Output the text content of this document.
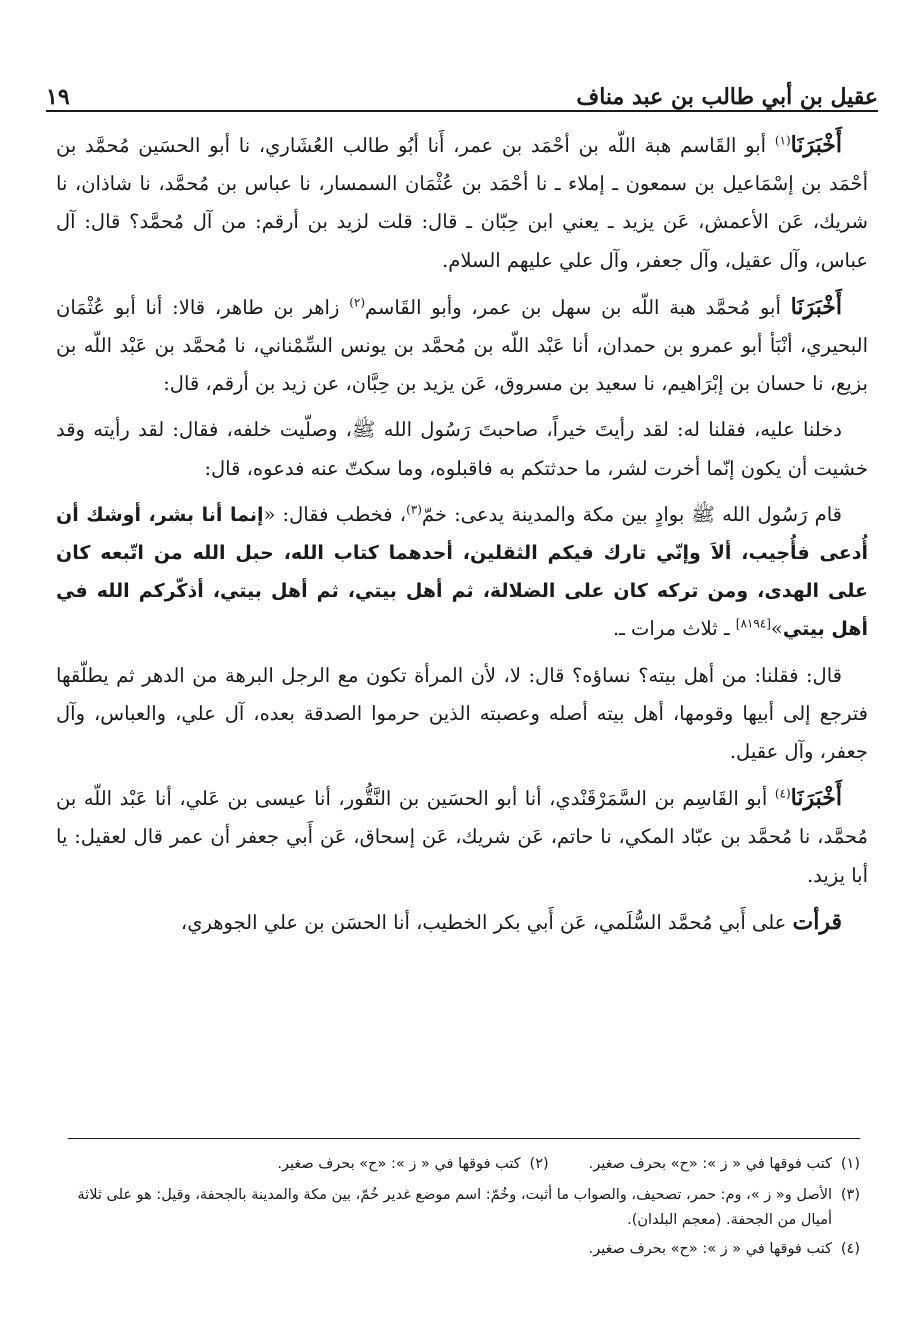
عقيل بن أبي طالب بن عبد مناف
١٩

أَخْبَرَنَا$^{(١)}$ أبو القَاسم هبة اللّه بن أحْمَد بن عمر، أَنا أبُو طالب العُشَاري، نا أبو الحسَين مُحمَّد بن أحْمَد بن إسْمَاعيل بن سمعون ـ إملاء ـ نا أحْمَد بن عُثْمَان السمسار، نا عباس بن مُحمَّد، نا شاذان، نا شريك، عَن الأعمش، عَن يزيد ـ يعني ابن حِبّان ـ قال: قلت لزيد بن أرقم: من آل مُحمَّد؟ قال: آل عباس، وآل عقيل، وآل جعفر، وآل علي عليهم السلام.

أَخْبَرَنَا أبو مُحمَّد هبة اللّه بن سهل بن عمر، وأبو القَاسم$^{(٢)}$ زاهر بن طاهر، قالا: أنا أبو عُثْمَان البحيري، أنْبَأ أبو عمرو بن حمدان، أنا عَبْد اللّه بن مُحمَّد بن يونس السِّمْناني، نا مُحمَّد بن عَبْد اللّه بن بزيع، نا حسان بن إبْرَاهيم، نا سعيد بن مسروق، عَن يزيد بن حِبَّان، عن زيد بن أرقم، قال:

دخلنا عليه، فقلنا له: لقد رأيتَ خيراً، صاحبتَ رَسُول الله ﷺ، وصلّيت خلفه، فقال: لقد رأيته وقد خشيت أن يكون إنّما أخرت لشر، ما حدثتكم به فاقبلوه، وما سكتّ عنه فدعوه، قال:

قام رَسُول الله ﷺ بوادٍ بين مكة والمدينة يدعى: خمّ$^{(٣)}$، فخطب فقال: «إنما أنا بشر، أوشك أن أُدعى فأُجيب، ألاَ وإنّي تارك فيكم الثقلين، أحدهما كتاب الله، حبل الله من اتّبعه كان على الهدى، ومن تركه كان على الضلالة، ثم أهل بيتي، ثم أهل بيتي، أذكّركم الله في أهل بيتي»[٨١٩٤] ـ ثلاث مرات ـ.

قال: فقلنا: من أهل بيته؟ نساؤه؟ قال: لا، لأن المرأة تكون مع الرجل البرهة من الدهر ثم يطلّقها فترجع إلى أبيها وقومها، أهل بيته أصله وعصبته الذين حرموا الصدقة بعده، آل علي، والعباس، وآل جعفر، وآل عقيل.

أَخْبَرَنَا$^{(٤)}$ أبو القَاسِم بن السَّمَرْقَنْدي، أنا أبو الحسَين بن النَّقُّور، أنا عيسى بن عَلي، أنا عَبْد اللّه بن مُحمَّد، نا مُحمَّد بن عبّاد المكي، نا حاتم، عَن شريك، عَن إسحاق، عَن أَبي جعفر أن عمر قال لعقيل: يا أبا يزيد.

قرأت على أَبي مُحمَّد السُّلَمي، عَن أَبي بكر الخطيب، أنا الحسَن بن علي الجوهري،

(١)
كتب فوقها في « ز »: «ح» بحرف صغير.
(٢)
كتب فوقها في « ز »: «ح» بحرف صغير.
(٣)
الأصل و« ز »، وم: حمر، تصحيف، والصواب ما أثبت، وخُمّ: اسم موضع غدير خُمّ، بين مكة والمدينة بالجحفة، وقيل: هو على ثلاثة أميال من الجحفة. (معجم البلدان).
(٤)
كتب فوقها في « ز »: «ح» بحرف صغير.
